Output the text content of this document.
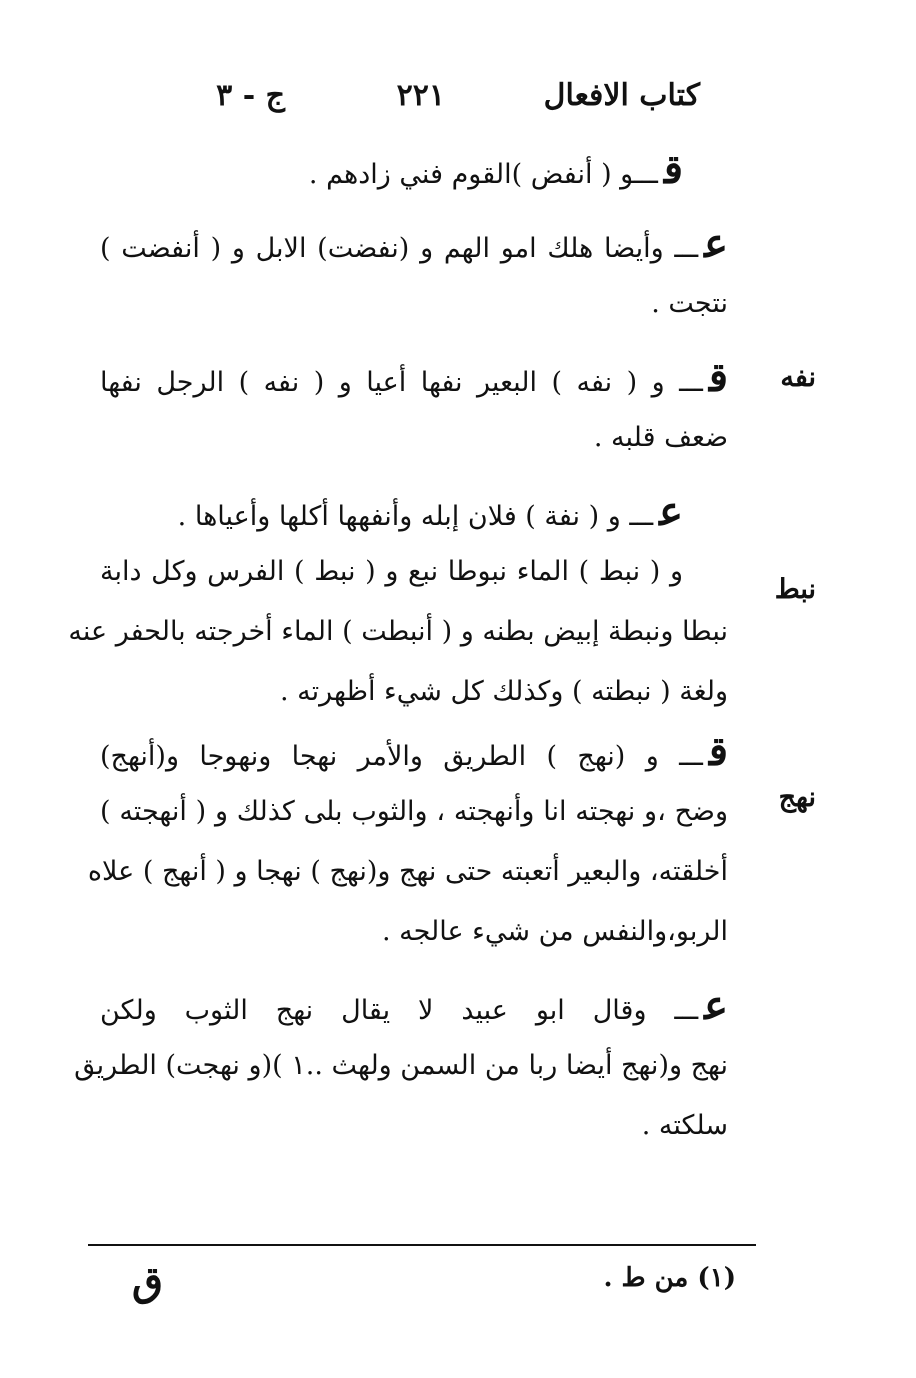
كتاب الافعال
٢٢١
ج - ٣
نفه
نبط
نهج
قـــو ( أنفض )القوم فني زادهم .
عـــ وأيضا هلك امو الهم و (نفضت) الابل و ( أنفضت )
نتجت .
قـــ و ( نفه ) البعير نفها أعيا و ( نفه ) الرجل نفها
ضعف قلبه .
عـــ و ( نفة ) فلان إبله وأنفهها أكلها وأعياها .
و ( نبط ) الماء نبوطا نبع و ( نبط ) الفرس وكل دابة
نبطا ونبطة إبيض بطنه و ( أنبطت ) الماء أخرجته بالحفر عنه
ولغة ( نبطته ) وكذلك كل شيء أظهرته .
قـــ و (نهج ) الطريق والأمر نهجا ونهوجا و(أنهج)
وضح ،و نهجته انا وأنهجته ، والثوب بلى كذلك و ( أنهجته )
أخلقته، والبعير أتعبته حتى نهج و(نهج ) نهجا و ( أنهج ) علاه
الربو،والنفس من شيء عالجه .
عـــ وقال ابو عبيد لا يقال نهج الثوب ولكن
نهج و(نهج أيضا ربا من السمن ولهث ..١ )(و نهجت) الطريق
سلكته .
(١) من ط .
ق
